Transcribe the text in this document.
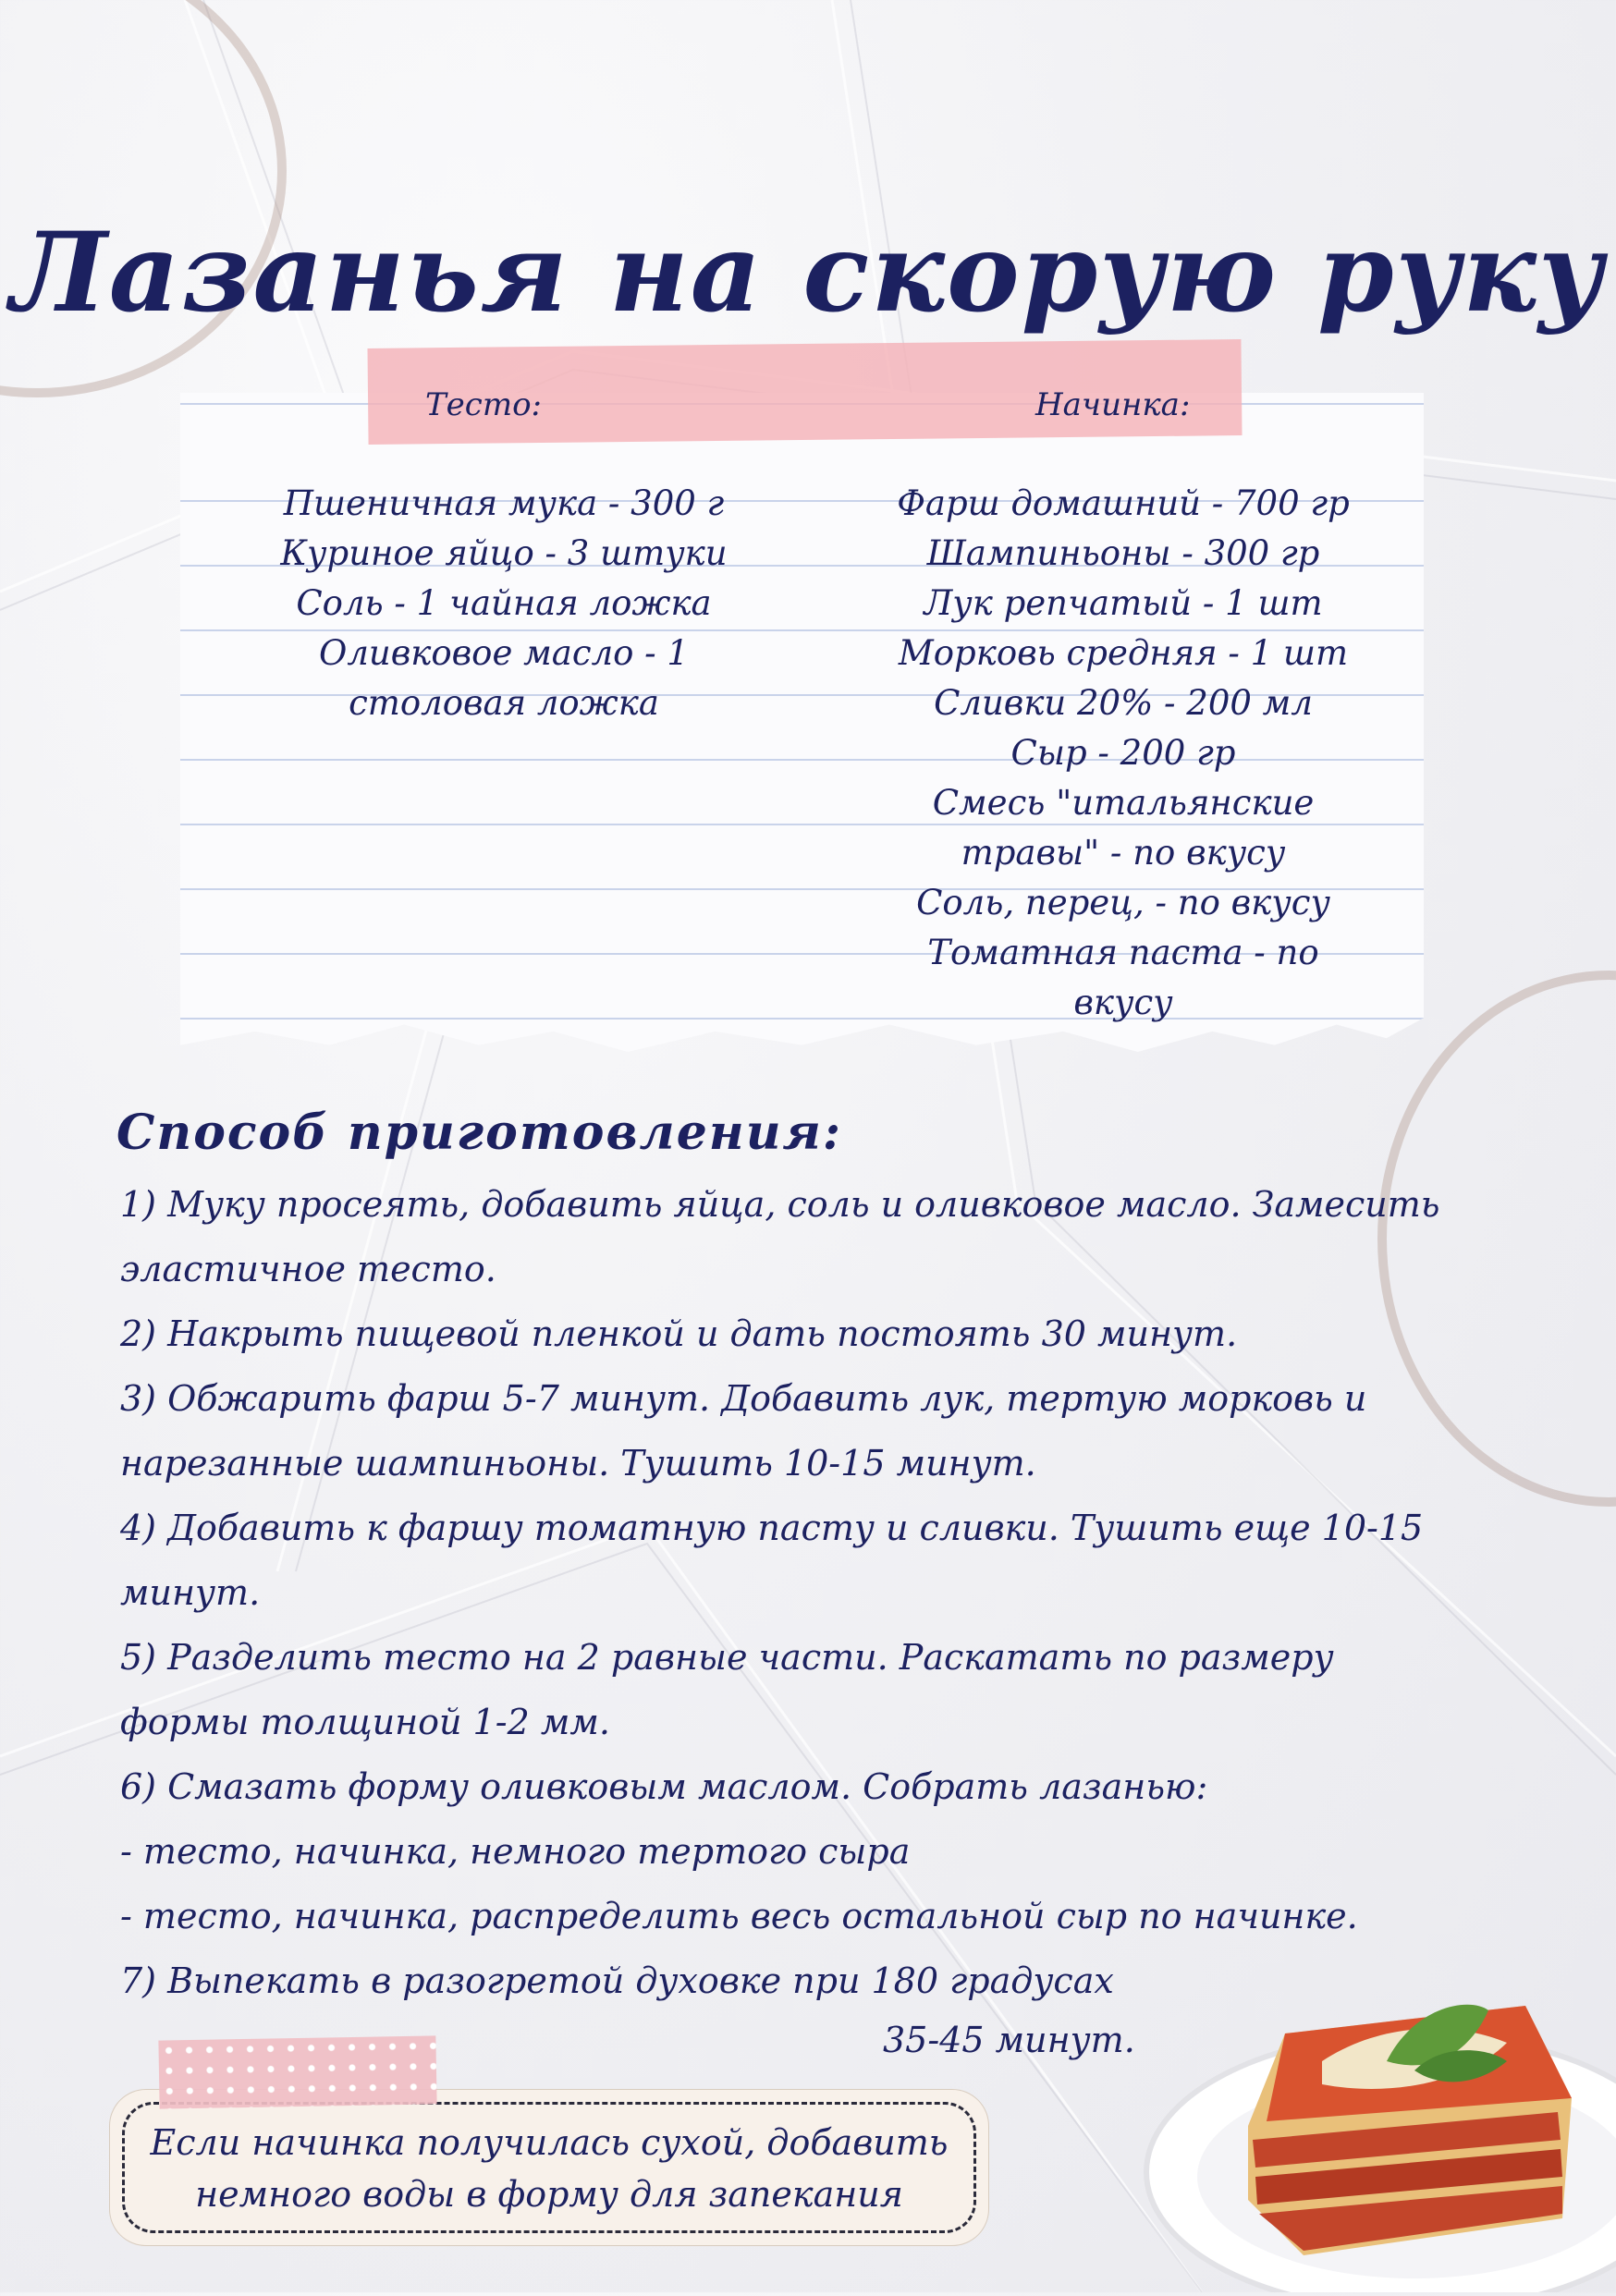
Лазанья на скорую руку
Тесто:	Начинка:
Пшеничная мука - 300 г
Куриное яйцо - 3 штуки
Соль - 1 чайная ложка
Оливковое масло - 1
столовая ложка
Фарш домашний - 700 гр
Шампиньоны - 300 гр
Лук репчатый - 1 шт
Морковь средняя - 1 шт
Сливки 20% - 200 мл
Сыр - 200 гр
Смесь "итальянские
травы" - по вкусу
Соль, перец, - по вкусу
Томатная паста - по
вкусу
Способ приготовления:
1) Муку просеять, добавить яйца, соль и оливковое масло. Замесить
эластичное тесто.
2) Накрыть пищевой пленкой и дать постоять 30 минут.
3) Обжарить фарш 5-7 минут. Добавить лук, тертую морковь и
нарезанные шампиньоны. Тушить 10-15 минут.
4) Добавить к фаршу томатную пасту и сливки. Тушить еще 10-15
минут.
5) Разделить тесто на 2 равные части. Раскатать по размеру
формы толщиной 1-2 мм.
6) Смазать форму оливковым маслом. Собрать лазанью:
- тесто, начинка, немного тертого сыра
- тесто, начинка, распределить весь остальной сыр по начинке.
7) Выпекать в разогретой духовке при 180 градусах
35-45 минут.
Если начинка получилась сухой, добавить
немного воды в форму для запекания
